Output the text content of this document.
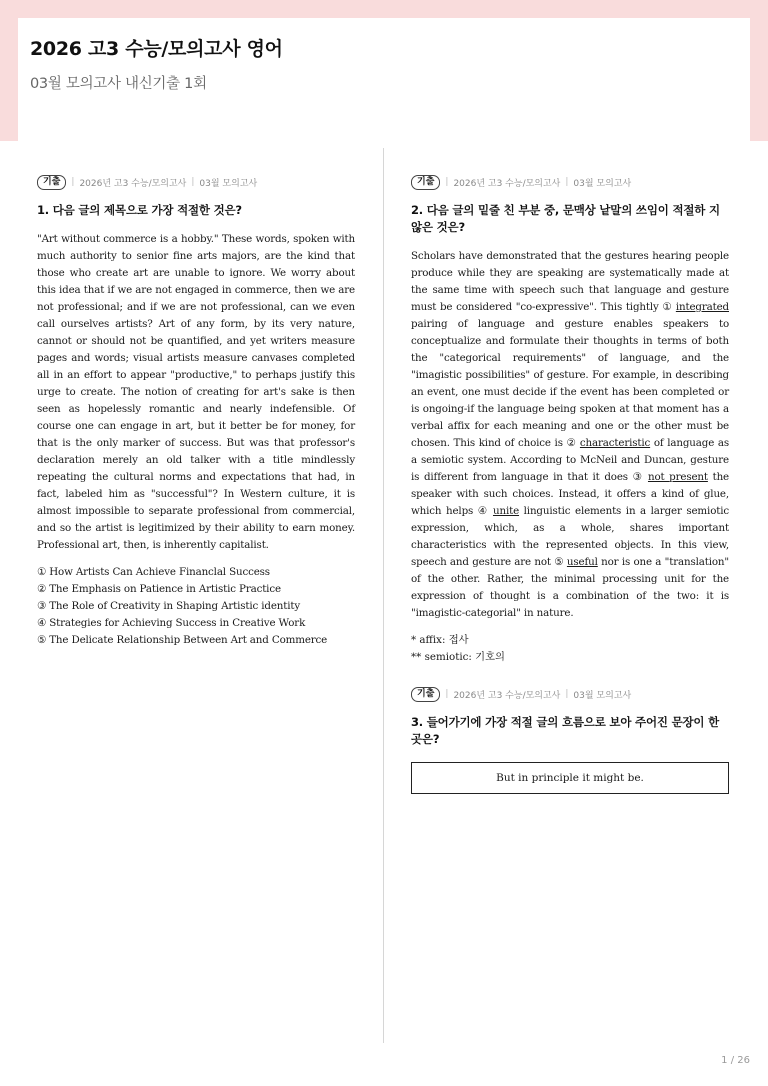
2026 고3 수능/모의고사 영어
03월 모의고사 내신기출 1회
기출	| 2026년 고3 수능/모의고사 | 03월 모의고사
1. 다음 글의 제목으로 가장 적절한 것은?

"Art without commerce is a hobby." These words, spoken with much authority to senior fine arts majors, are the kind that those who create art are unable to ignore. We worry about this idea that if we are not engaged in commerce, then we are not professional; and if we are not professional, can we even call ourselves artists? Art of any form, by its very nature, cannot or should not be quantified, and yet writers measure pages and words; visual artists measure canvases completed all in an effort to appear "productive," to perhaps justify this urge to create. The notion of creating for art's sake is then seen as hopelessly romantic and nearly indefensible. Of course one can engage in art, but it better be for money, for that is the only marker of success. But was that professor's declaration merely an old talker with a title mindlessly repeating the cultural norms and expectations that had, in fact, labeled him as "successful"? In Western culture, it is almost impossible to separate professional from commercial, and so the artist is legitimized by their ability to earn money. Professional art, then, is inherently capitalist.

① How Artists Can Achieve Financlal Success
② The Emphasis on Patience in Artistic Practice
③ The Role of Creativity in Shaping Artistic identity
④ Strategies for Achieving Success in Creative Work
⑤ The Delicate Relationship Between Art and Commerce
기출	| 2026년 고3 수능/모의고사 | 03월 모의고사
2. 다음 글의 밑줄 친 부분 중, 문맥상 낱말의 쓰임이 적절하 지 않은 것은?

Scholars have demonstrated that the gestures hearing people produce while they are speaking are systematically made at the same time with speech such that language and gesture must be considered "co-expressive". This tightly ① integrated pairing of language and gesture enables speakers to conceptualize and formulate their thoughts in terms of both the "categorical requirements" of language, and the "imagistic possibilities" of gesture. For example, in describing an event, one must decide if the event has been completed or is ongoing-if the language being spoken at that moment has a verbal affix for each meaning and one or the other must be chosen. This kind of choice is ② characteristic of language as a semiotic system. According to McNeil and Duncan, gesture is different from language in that it does ③ not present the speaker with such choices. Instead, it offers a kind of glue, which helps ④ unite linguistic elements in a larger semiotic expression, which, as a whole, shares important characteristics with the represented objects. In this view, speech and gesture are not ⑤ useful nor is one a "translation" of the other. Rather, the minimal processing unit for the expression of thought is a combination of the two: it is "imagistic-categorial" in nature.

* affix: 접사
** semiotic: 기호의
기출	| 2026년 고3 수능/모의고사 | 03월 모의고사
3. 들어가기에 가장 적절 글의 흐름으로 보아 주어진 문장이 한 곳은?
But in principle it might be.
1 / 26
